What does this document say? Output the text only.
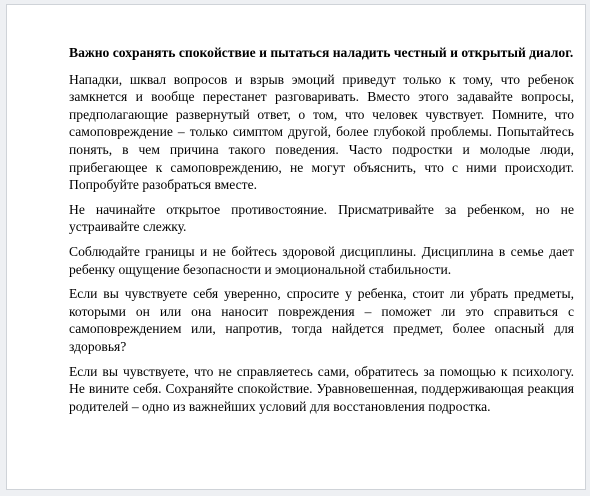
Важно сохранять спокойствие и пытаться наладить честный и открытый диалог.

Нападки, шквал вопросов и взрыв эмоций приведут только к тому, что ребенок замкнется и вообще перестанет разговаривать. Вместо этого задавайте вопросы, предполагающие развернутый ответ, о том, что человек чувствует. Помните, что самоповреждение – только симптом другой, более глубокой проблемы. Попытайтесь понять, в чем причина такого поведения. Часто подростки и молодые люди, прибегающее к самоповреждению, не могут объяснить, что с ними происходит. Попробуйте разобраться вместе.

Не начинайте открытое противостояние. Присматривайте за ребенком, но не устраивайте слежку.

Соблюдайте границы и не бойтесь здоровой дисциплины. Дисциплина в семье дает ребенку ощущение безопасности и эмоциональной стабильности.

Если вы чувствуете себя уверенно, спросите у ребенка, стоит ли убрать предметы, которыми он или она наносит повреждения – поможет ли это справиться с самоповреждением или, напротив, тогда найдется предмет, более опасный для здоровья?

Если вы чувствуете, что не справляетесь сами, обратитесь за помощью к психологу. Не вините себя. Сохраняйте спокойствие. Уравновешенная, поддерживающая реакция родителей – одно из важнейших условий для восстановления подростка.
